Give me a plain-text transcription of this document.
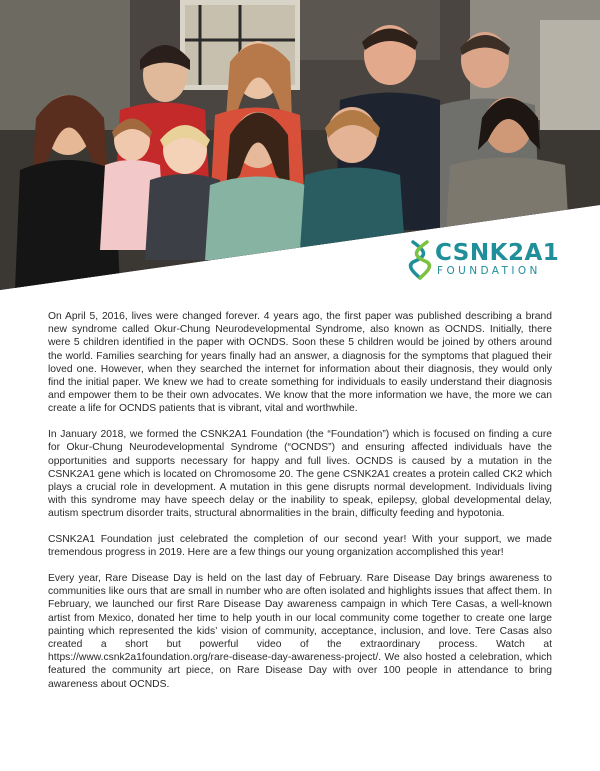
CSNK2A1
FOUNDATION

On April 5, 2016, lives were changed forever. 4 years ago, the first paper was published describing a brand new syndrome called Okur-Chung Neurodevelopmental Syndrome, also known as OCNDS. Initially, there were 5 children identified in the paper with OCNDS. Soon these 5 children would be joined by others around the world. Families searching for years finally had an answer, a diagnosis for the symptoms that plagued their loved one. However, when they searched the internet for information about their diagnosis, they would only find the initial paper. We knew we had to create something for individuals to easily understand their diagnosis and empower them to be their own advocates. We know that the more information we have, the more we can create a life for OCNDS patients that is vibrant, vital and worthwhile.

In January 2018, we formed the CSNK2A1 Foundation (the “Foundation”) which is focused on finding a cure for Okur-Chung Neurodevelopmental Syndrome (“OCNDS”) and ensuring affected individuals have the opportunities and supports necessary for happy and full lives. OCNDS is caused by a mutation in the CSNK2A1 gene which is located on Chromosome 20. The gene CSNK2A1 creates a protein called CK2 which plays a crucial role in development. A mutation in this gene disrupts normal development. Individuals living with this syndrome may have speech delay or the inability to speak, epilepsy, global developmental delay, autism spectrum disorder traits, structural abnormalities in the brain, difficulty feeding and hypotonia.

CSNK2A1 Foundation just celebrated the completion of our second year! With your support, we made tremendous progress in 2019. Here are a few things our young organization accomplished this year!

Every year, Rare Disease Day is held on the last day of February. Rare Disease Day brings awareness to communities like ours that are small in number who are often isolated and highlights issues that affect them. In February, we launched our first Rare Disease Day awareness campaign in which Tere Casas, a well-known artist from Mexico, donated her time to help youth in our local community come together to create one large painting which represented the kids’ vision of community, acceptance, inclusion, and love. Tere Casas also created a short but powerful video of the extraordinary process. Watch at https://www.csnk2a1foundation.org/rare-disease-day-awareness-project/. We also hosted a celebration, which featured the community art piece, on Rare Disease Day with over 100 people in attendance to bring awareness about OCNDS.
